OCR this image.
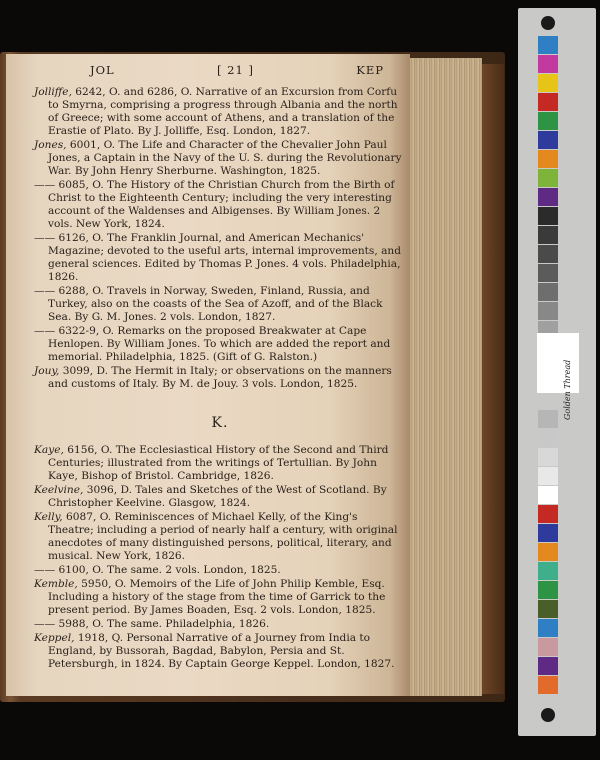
JOL	[ 21 ]	KEP
Jolliffe, 6242, O. and 6286, O. Narrative of an Excursion from Corfu to Smyrna, comprising a progress through Albania and the north of Greece; with some account of Athens, and a translation of the Erastie of Plato. By J. Jolliffe, Esq. London, 1827.
Jones, 6001, O. The Life and Character of the Chevalier John Paul Jones, a Captain in the Navy of the U. S. during the Revolutionary War. By John Henry Sherburne. Washington, 1825.
—— 6085, O. The History of the Christian Church from the Birth of Christ to the Eighteenth Century; including the very interesting account of the Waldenses and Albigenses. By William Jones. 2 vols. New York, 1824.
—— 6126, O. The Franklin Journal, and American Mechanics' Magazine; devoted to the useful arts, internal improvements, and general sciences. Edited by Thomas P. Jones. 4 vols. Philadelphia, 1826.
—— 6288, O. Travels in Norway, Sweden, Finland, Russia, and Turkey, also on the coasts of the Sea of Azoff, and of the Black Sea. By G. M. Jones. 2 vols. London, 1827.
—— 6322-9, O. Remarks on the proposed Breakwater at Cape Henlopen. By William Jones. To which are added the report and memorial. Philadelphia, 1825. (Gift of G. Ralston.)
Jouy, 3099, D. The Hermit in Italy; or observations on the manners and customs of Italy. By M. de Jouy. 3 vols. London, 1825.
K.
Kaye, 6156, O. The Ecclesiastical History of the Second and Third Centuries; illustrated from the writings of Tertullian. By John Kaye, Bishop of Bristol. Cambridge, 1826.
Keelvine, 3096, D. Tales and Sketches of the West of Scotland. By Christopher Keelvine. Glasgow, 1824.
Kelly, 6087, O. Reminiscences of Michael Kelly, of the King's Theatre; including a period of nearly half a century, with original anecdotes of many distinguished persons, political, literary, and musical. New York, 1826.
—— 6100, O. The same. 2 vols. London, 1825.
Kemble, 5950, O. Memoirs of the Life of John Philip Kemble, Esq. Including a history of the stage from the time of Garrick to the present period. By James Boaden, Esq. 2 vols. London, 1825.
—— 5988, O. The same. Philadelphia, 1826.
Keppel, 1918, Q. Personal Narrative of a Journey from India to England, by Bussorah, Bagdad, Babylon, Persia and St. Petersburgh, in 1824. By Captain George Keppel. London, 1827.
Golden Thread
